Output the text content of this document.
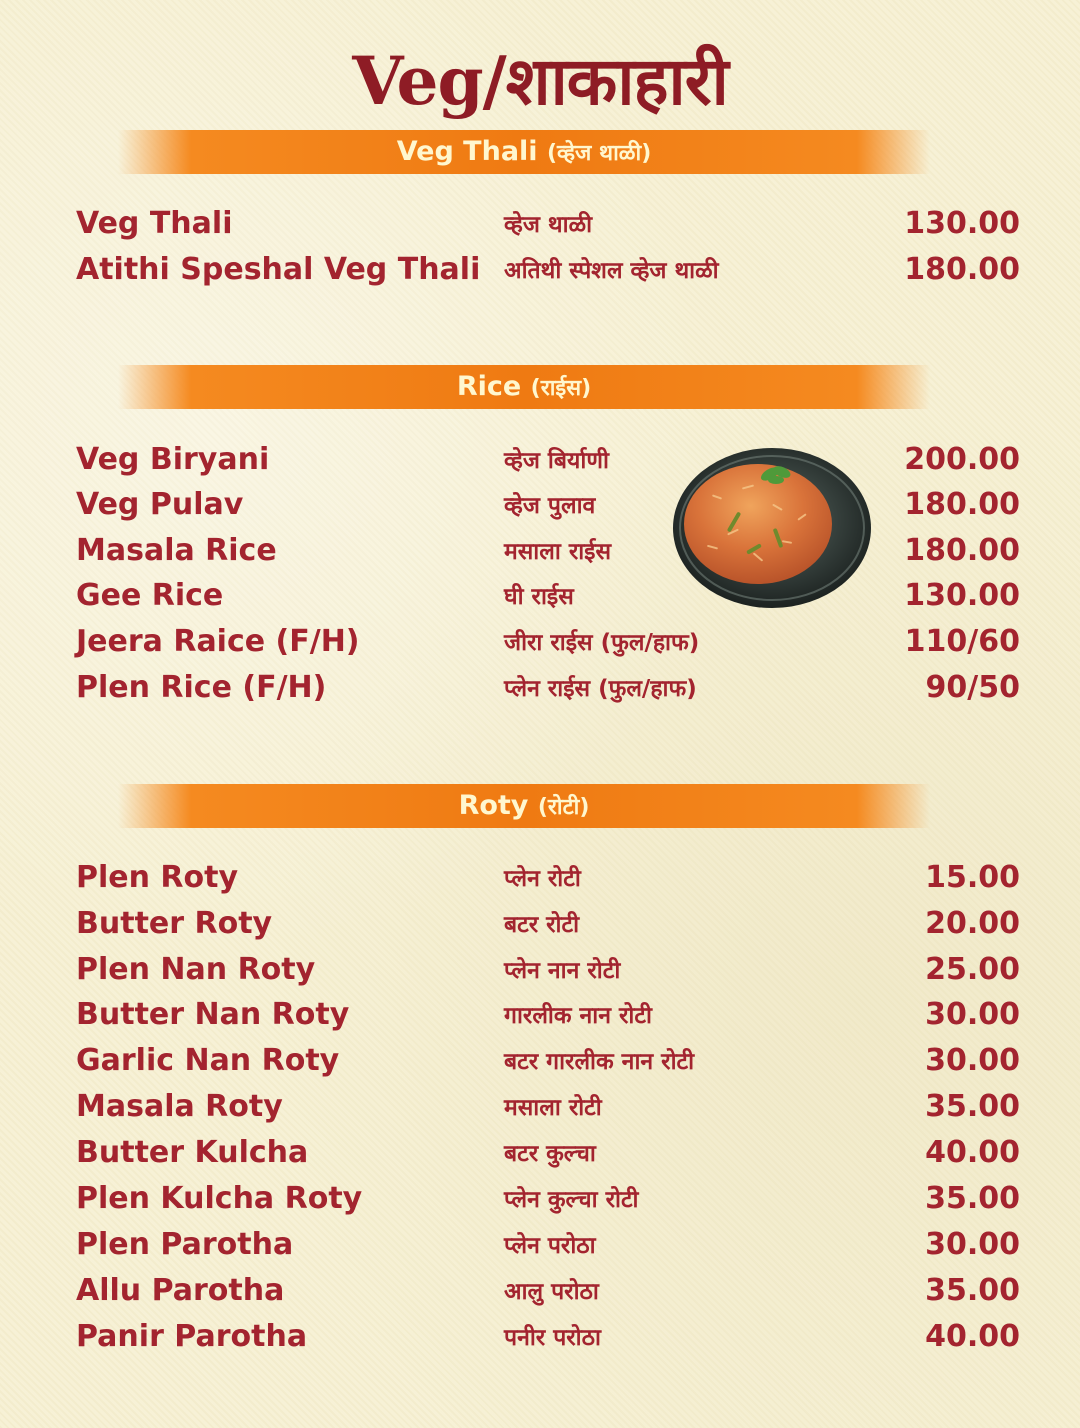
Veg/शाकाहारी
Veg Thali (व्हेज थाळी)
Veg Thali	व्हेज थाळी	130.00
Atithi Speshal Veg Thali अतिथी स्पेशल व्हेज थाळी	180.00
Rice (राईस)
Veg Biryani	व्हेज बिर्याणी	200.00
Veg Pulav	व्हेज पुलाव	180.00
Masala Rice	मसाला राईस	180.00
Gee Rice	घी राईस	130.00
Jeera Raice (F/H)	जीरा राईस (फुल/हाफ)	110/60
Plen Rice (F/H)	प्लेन राईस (फुल/हाफ)	90/50
Roty (रोटी)
Plen Roty	प्लेन रोटी	15.00
Butter Roty	बटर रोटी	20.00
Plen Nan Roty	प्लेन नान रोटी	25.00
Butter Nan Roty	गारलीक नान रोटी	30.00
Garlic Nan Roty	बटर गारलीक नान रोटी	30.00
Masala Roty	मसाला रोटी	35.00
Butter Kulcha	बटर कुल्चा	40.00
Plen Kulcha Roty	प्लेन कुल्चा रोटी	35.00
Plen Parotha	प्लेन परोठा	30.00
Allu Parotha	आलु परोठा	35.00
Panir Parotha	पनीर परोठा	40.00
